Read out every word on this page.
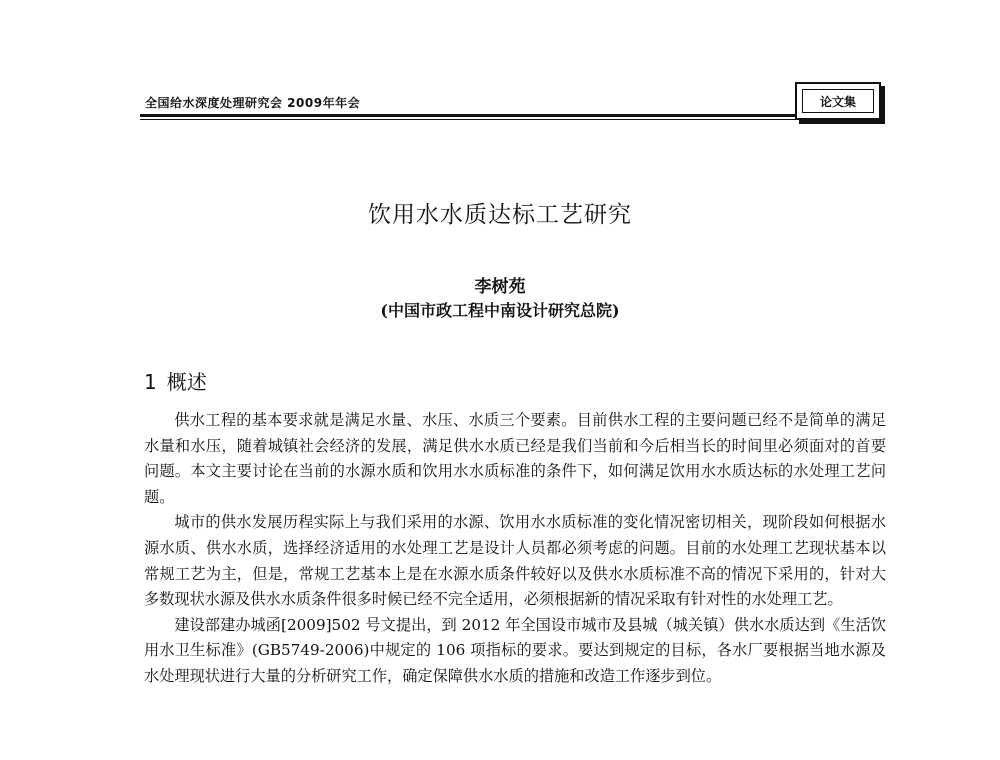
全国给水深度处理研究会 2009年年会	论文集
饮用水水质达标工艺研究
李树苑
(中国市政工程中南设计研究总院)
1 概述

供水工程的基本要求就是满足水量、水压、水质三个要素。目前供水工程的主要问题已经不是简单的满足水量和水压，随着城镇社会经济的发展，满足供水水质已经是我们当前和今后相当长的时间里必须面对的首要问题。本文主要讨论在当前的水源水质和饮用水水质标准的条件下，如何满足饮用水水质达标的水处理工艺问题。

城市的供水发展历程实际上与我们采用的水源、饮用水水质标准的变化情况密切相关，现阶段如何根据水源水质、供水水质，选择经济适用的水处理工艺是设计人员都必须考虑的问题。目前的水处理工艺现状基本以常规工艺为主，但是，常规工艺基本上是在水源水质条件较好以及供水水质标准不高的情况下采用的，针对大多数现状水源及供水水质条件很多时候已经不完全适用，必须根据新的情况采取有针对性的水处理工艺。

建设部建办城函[2009]502 号文提出，到 2012 年全国设市城市及县城（城关镇）供水水质达到《生活饮用水卫生标准》(GB5749-2006)中规定的 106 项指标的要求。要达到规定的目标，各水厂要根据当地水源及水处理现状进行大量的分析研究工作，确定保障供水水质的措施和改造工作逐步到位。
